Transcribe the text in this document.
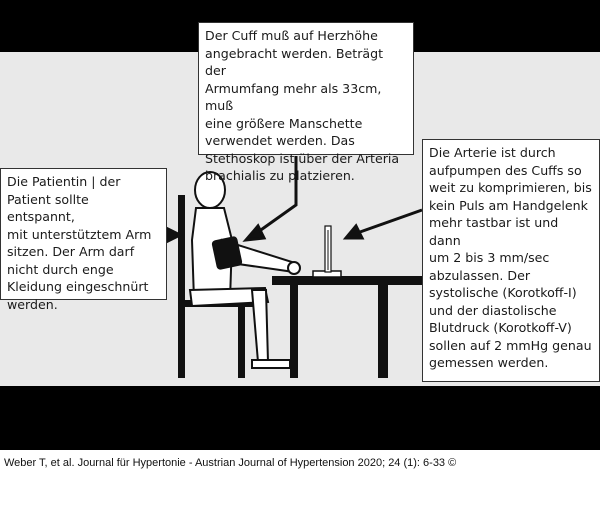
Der Cuff muß auf Herzhöhe
angebracht werden. Beträgt der
Armumfang mehr als 33cm, muß
eine größere Manschette
verwendet werden. Das
Stethoskop ist über der Arteria
brachialis zu platzieren.
Die Patientin | der
Patient sollte entspannt,
mit unterstütztem Arm
sitzen. Der Arm darf
nicht durch enge
Kleidung eingeschnürt
werden.
Die Arterie ist durch
aufpumpen des Cuffs so
weit zu komprimieren, bis
kein Puls am Handgelenk
mehr tastbar ist und dann
um 2 bis 3 mm/sec
abzulassen. Der
systolische (Korotkoff-I)
und der diastolische
Blutdruck (Korotkoff-V)
sollen auf 2 mmHg genau
gemessen werden.
Weber T, et al. Journal für Hypertonie - Austrian Journal of Hypertension 2020; 24 (1): 6-33 ©
